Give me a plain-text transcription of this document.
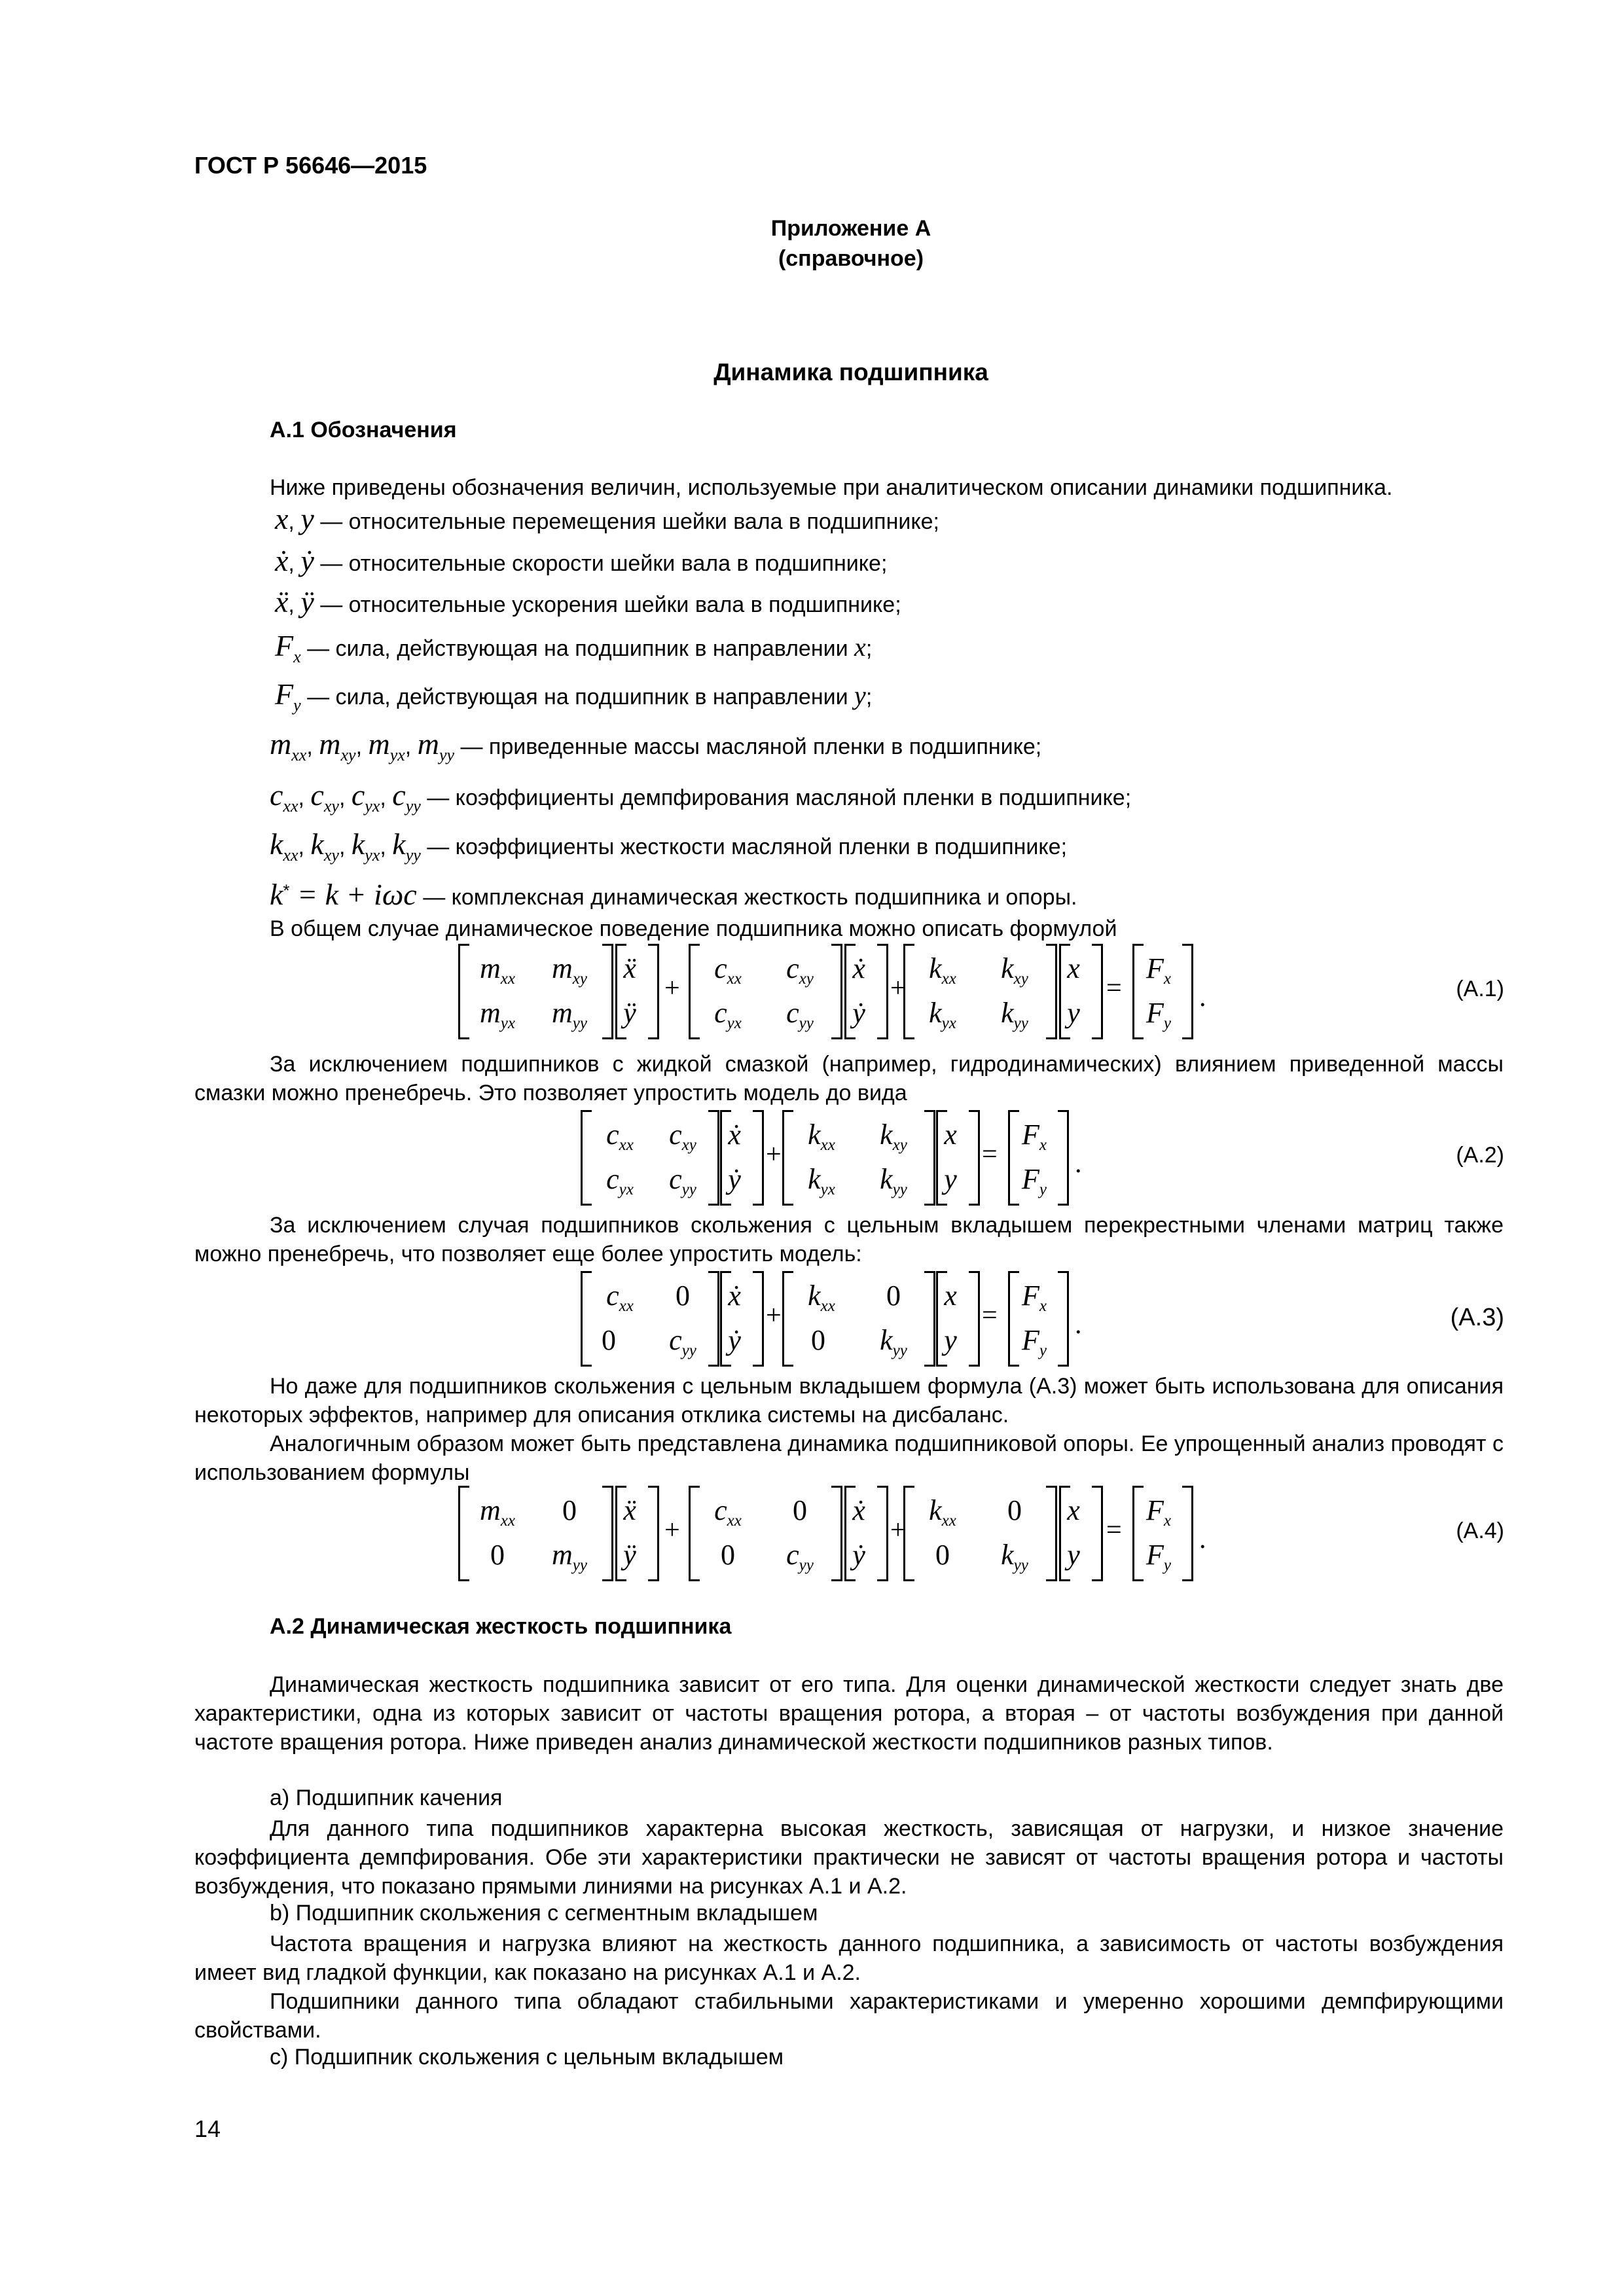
ГОСТ Р 56646—2015
Приложение А
(справочное)
Динамика подшипника
А.1 Обозначения
Ниже приведены обозначения величин, используемые при аналитическом описании динамики подшипника.
x, y — относительные перемещения шейки вала в подшипнике;
ẋ, ẏ — относительные скорости шейки вала в подшипнике;
ẍ, ÿ — относительные ускорения шейки вала в подшипнике;
$F_x$ — сила, действующая на подшипник в направлении x;
$F_y$ — сила, действующая на подшипник в направлении y;
$m_{xx}$, $m_{xy}$, $m_{yx}$, $m_{yy}$ — приведенные массы масляной пленки в подшипнике;
$c_{xx}$, $c_{xy}$, $c_{yx}$, $c_{yy}$ — коэффициенты демпфирования масляной пленки в подшипнике;
$k_{xx}$, $k_{xy}$, $k_{yx}$, $k_{yy}$ — коэффициенты жесткости масляной пленки в подшипнике;
k* = k + iωc — комплексная динамическая жесткость подшипника и опоры.
В общем случае динамическое поведение подшипника можно описать формулой
$m_{xx}$	$m_{xy}$
$m_{yx}$	$m_{yy}$
ẍ
ÿ
+
$c_{xx}$	$c_{xy}$
$c_{yx}$	$c_{yy}$
ẋ
ẏ
+
$k_{xx}$	$k_{xy}$
$k_{yx}$	$k_{yy}$
x
y
=
$F_x$
$F_y$
.	(А.1)
За исключением подшипников с жидкой смазкой (например, гидродинамических) влиянием приведенной массы смазки можно пренебречь. Это позволяет упростить модель до вида
$c_{xx}$	$c_{xy}$
$c_{yx}$	$c_{yy}$
ẋ
ẏ
+
$k_{xx}$	$k_{xy}$
$k_{yx}$	$k_{yy}$
x
y
=
$F_x$
$F_y$
.	(А.2)
За исключением случая подшипников скольжения с цельным вкладышем перекрестными членами матриц также можно пренебречь, что позволяет еще более упростить модель:
$c_{xx}$	0
0	$c_{yy}$
ẋ
ẏ
+
$k_{xx}$	0
0	$k_{yy}$
x
y
=
$F_x$
$F_y$
.	(А.3)
Но даже для подшипников скольжения с цельным вкладышем формула (А.3) может быть использована для описания некоторых эффектов, например для описания отклика системы на дисбаланс.
Аналогичным образом может быть представлена динамика подшипниковой опоры. Ее упрощенный анализ проводят с использованием формулы
$m_{xx}$	0
0	$m_{yy}$
ẍ
ÿ
+
$c_{xx}$	0
0	$c_{yy}$
ẋ
ẏ
+
$k_{xx}$	0
0	$k_{yy}$
x
y
=
$F_x$
$F_y$
.	(А.4)
А.2 Динамическая жесткость подшипника
Динамическая жесткость подшипника зависит от его типа. Для оценки динамической жесткости следует знать две характеристики, одна из которых зависит от частоты вращения ротора, а вторая – от частоты возбуждения при данной частоте вращения ротора. Ниже приведен анализ динамической жесткости подшипников разных типов.
а) Подшипник качения
Для данного типа подшипников характерна высокая жесткость, зависящая от нагрузки, и низкое значение коэффициента демпфирования. Обе эти характеристики практически не зависят от частоты вращения ротора и частоты возбуждения, что показано прямыми линиями на рисунках А.1 и А.2.
b) Подшипник скольжения с сегментным вкладышем
Частота вращения и нагрузка влияют на жесткость данного подшипника, а зависимость от частоты возбуждения имеет вид гладкой функции, как показано на рисунках А.1 и А.2.
Подшипники данного типа обладают стабильными характеристиками и умеренно хорошими демпфирующими свойствами.
c) Подшипник скольжения с цельным вкладышем
14
